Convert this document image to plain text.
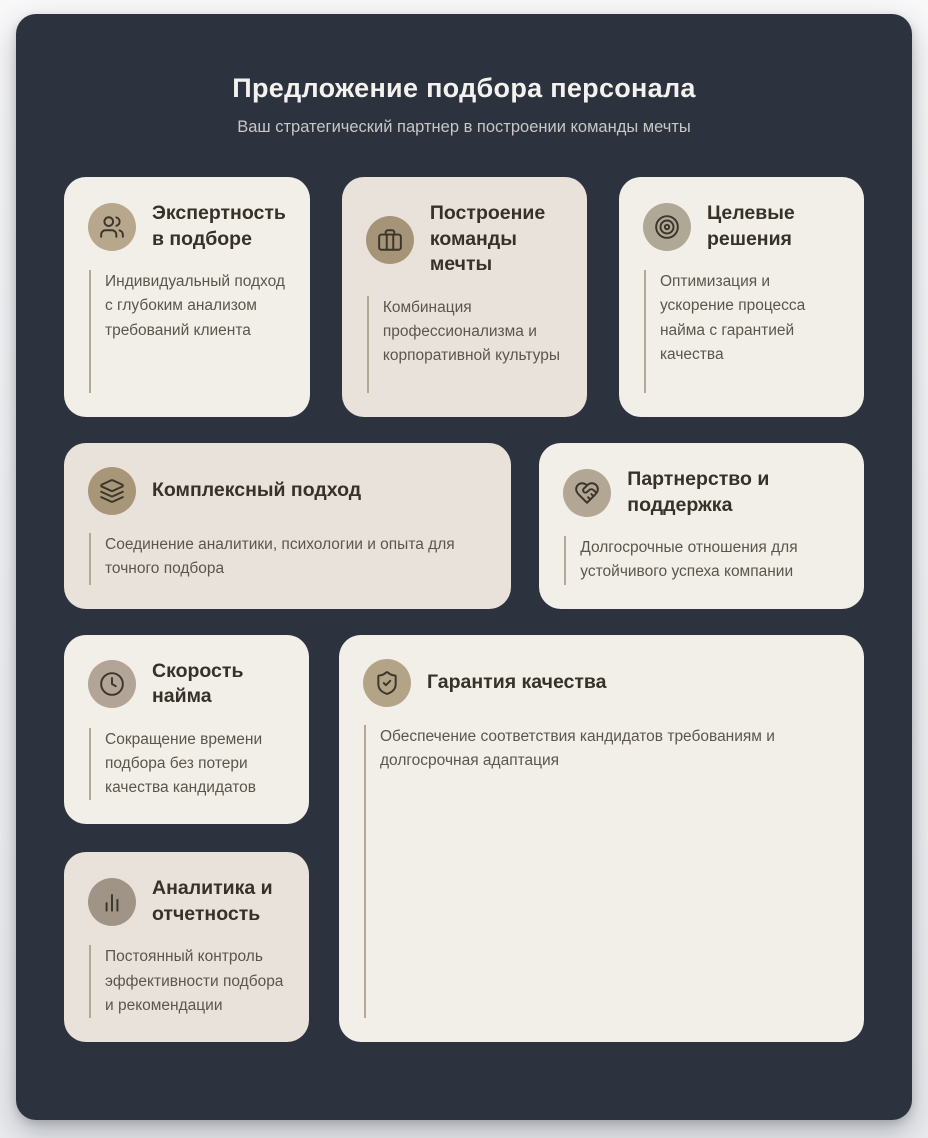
Предложение подбора персонала
Ваш стратегический партнер в построении команды мечты
Экспертность в подборе

Индивидуальный подход с глубоким анализом требований клиента

Построение команды мечты

Комбинация профессионализма и корпоративной культуры

Целевые решения

Оптимизация и ускорение процесса найма с гарантией качества

Комплексный подход

Соединение аналитики, психологии и опыта для точного подбора

Партнерство и поддержка

Долгосрочные отношения для устойчивого успеха компании

Скорость найма

Сокращение времени подбора без потери качества кандидатов

Аналитика и отчетность

Постоянный контроль эффективности подбора и рекомендации

Гарантия качества

Обеспечение соответствия кандидатов требованиям и долгосрочная адаптация
